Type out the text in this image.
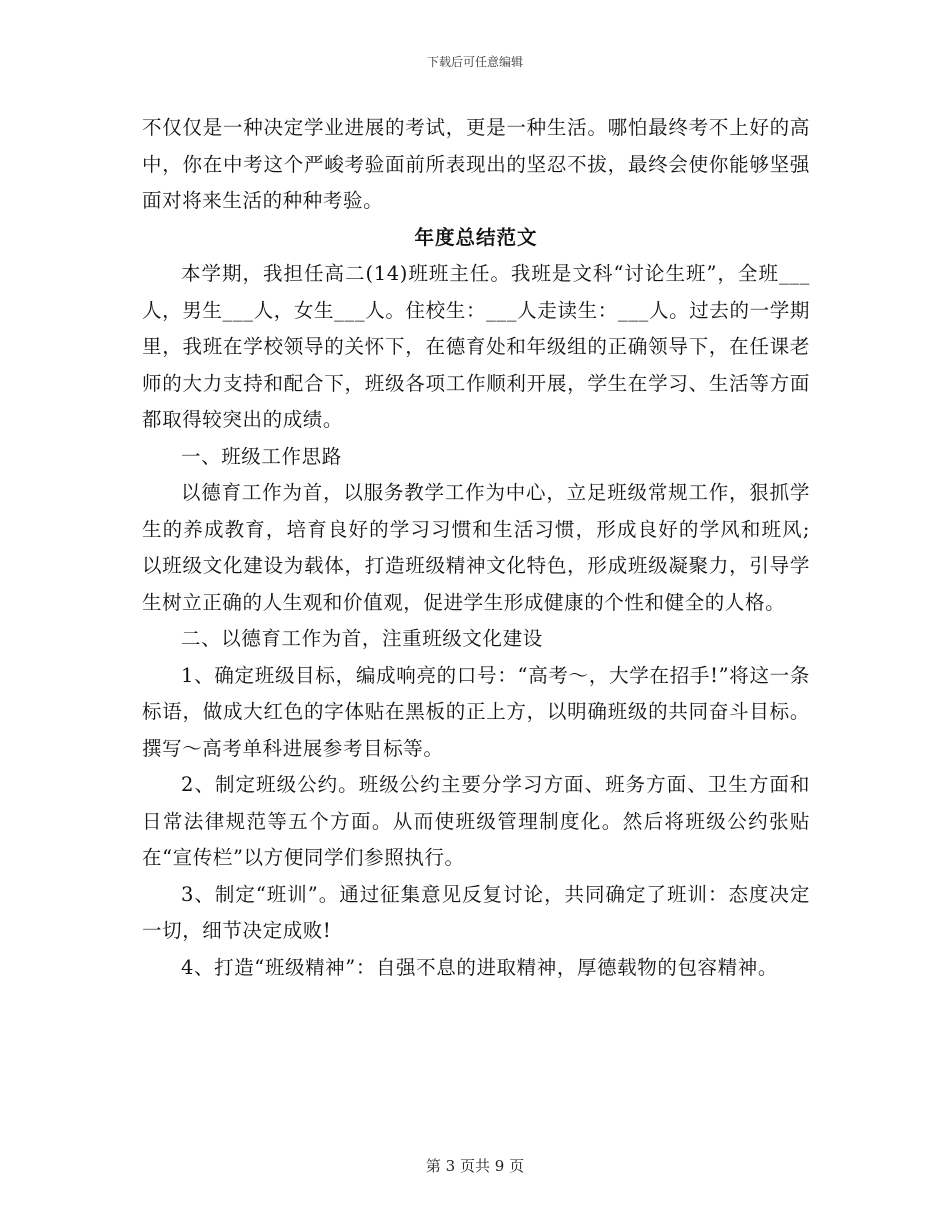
下载后可任意编辑

不仅仅是一种决定学业进展的考试，更是一种生活。哪怕最终考不上好的高中，你在中考这个严峻考验面前所表现出的坚忍不拔，最终会使你能够坚强面对将来生活的种种考验。

年度总结范文

本学期，我担任高二(14)班班主任。我班是文科“讨论生班”，全班___人，男生___人，女生___人。住校生：___人走读生：___人。过去的一学期里，我班在学校领导的关怀下，在德育处和年级组的正确领导下，在任课老师的大力支持和配合下，班级各项工作顺利开展，学生在学习、生活等方面都取得较突出的成绩。

一、班级工作思路

以德育工作为首，以服务教学工作为中心，立足班级常规工作，狠抓学生的养成教育，培育良好的学习习惯和生活习惯，形成良好的学风和班风;以班级文化建设为载体，打造班级精神文化特色，形成班级凝聚力，引导学生树立正确的人生观和价值观，促进学生形成健康的个性和健全的人格。

二、以德育工作为首，注重班级文化建设

1、确定班级目标，编成响亮的口号：“高考～，大学在招手!”将这一条标语，做成大红色的字体贴在黑板的正上方，以明确班级的共同奋斗目标。撰写～高考单科进展参考目标等。

2、制定班级公约。班级公约主要分学习方面、班务方面、卫生方面和日常法律规范等五个方面。从而使班级管理制度化。然后将班级公约张贴在“宣传栏”以方便同学们参照执行。

3、制定“班训”。通过征集意见反复讨论，共同确定了班训：态度决定一切，细节决定成败!

4、打造“班级精神”：自强不息的进取精神，厚德载物的包容精神。

第 3 页共 9 页
